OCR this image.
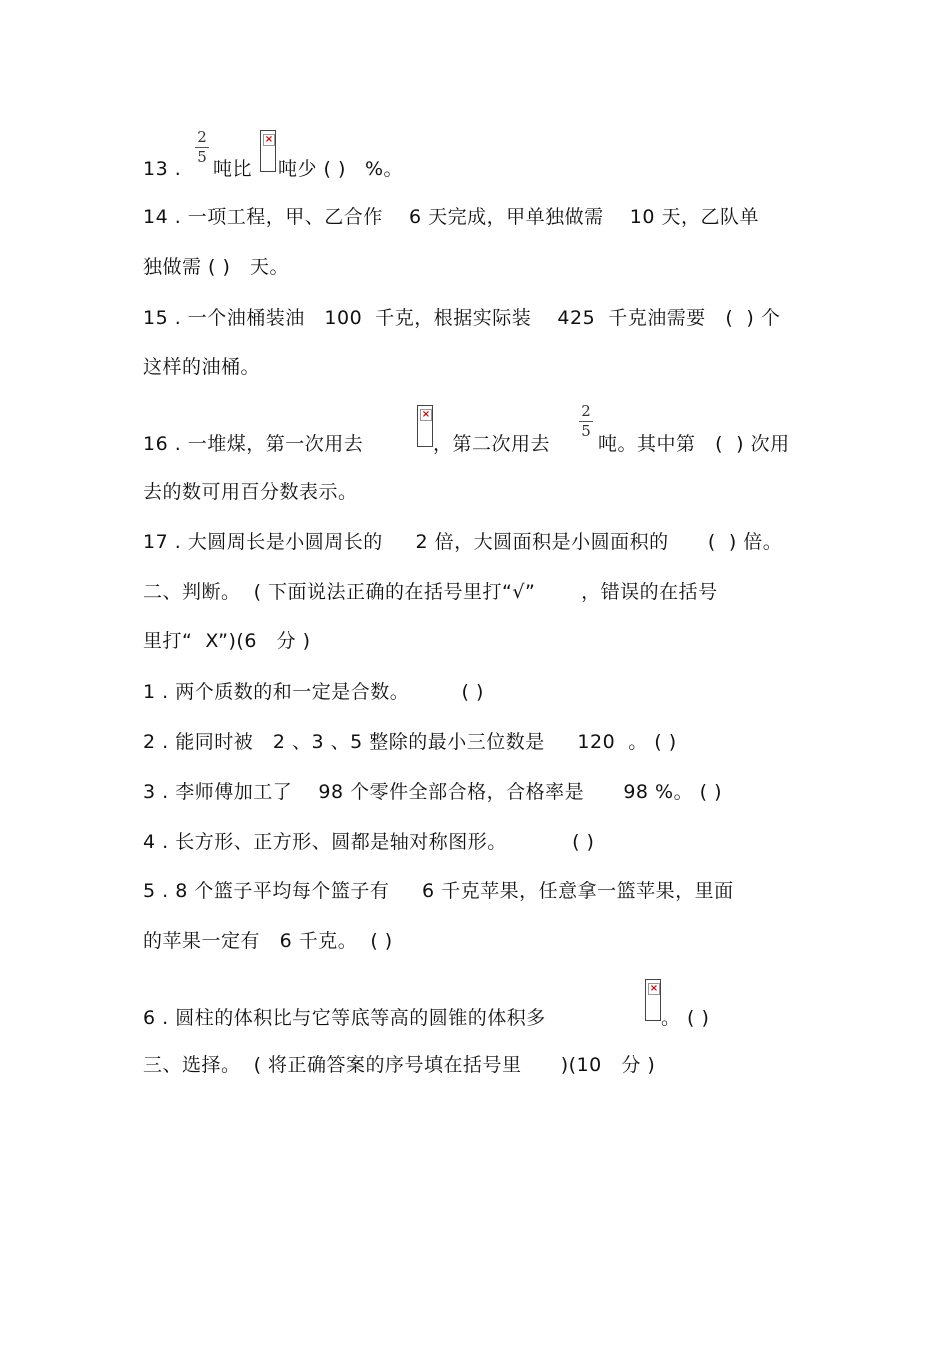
13 .
2
5
吨比
×
吨少 ( ) %。
14 . 一项工程，甲、乙合作    6 天完成，甲单独做需    10 天，乙队单
独做需 ( )   天。
15 . 一个油桶装油   100  千克，根据实际装    425  千克油需要   (  ) 个
这样的油桶。
16 . 一堆煤，第一次用去
×
，第二次用去
2
5
吨。其中第   (  ) 次用
去的数可用百分数表示。
17 . 大圆周长是小圆周长的     2 倍，大圆面积是小圆面积的      (  ) 倍。
二、判断。  ( 下面说法正确的在括号里打“√”       ，错误的在括号
里打“  X”)(6   分 )
1 . 两个质数的和一定是合数。        ( )
2 . 能同时被   2 、3 、5 整除的最小三位数是     120  。 ( )
3 . 李师傅加工了    98 个零件全部合格，合格率是      98 %。 ( )
4 . 长方形、正方形、圆都是轴对称图形。          ( )
5 . 8 个篮子平均每个篮子有     6 千克苹果，任意拿一篮苹果，里面
的苹果一定有   6 千克。  ( )
6 . 圆柱的体积比与它等底等高的圆锥的体积多
×
。 ( )
三、选择。  ( 将正确答案的序号填在括号里      )(10   分 )
